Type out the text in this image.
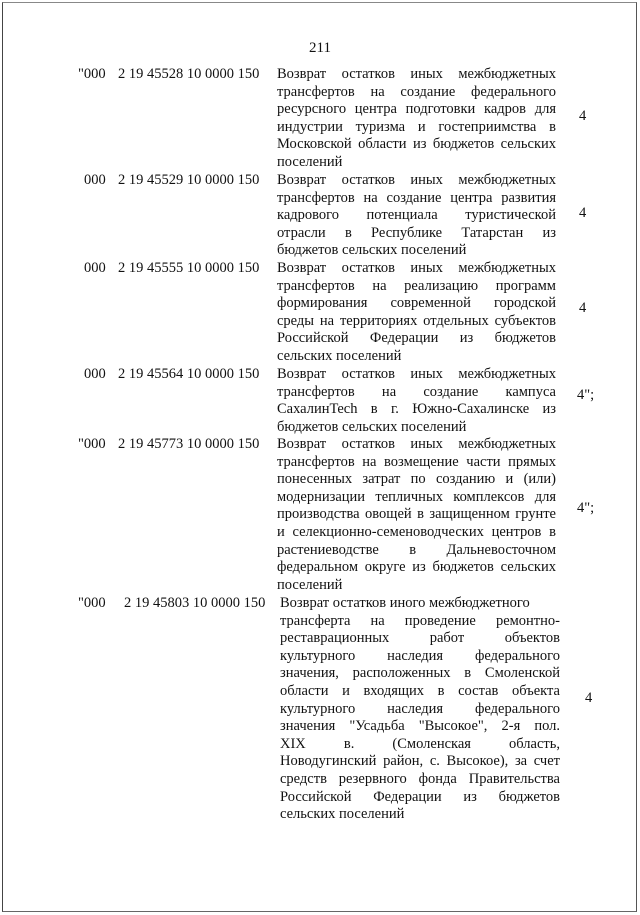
211
"000 2 19 45528 10 0000 150 Возврат остатков иных межбюджетных
трансфертов на создание федерального
ресурсного центра подготовки кадров для
индустрии туризма и гостеприимства в
Московской области из бюджетов сельских
поселений
4
000 2 19 45529 10 0000 150 Возврат остатков иных межбюджетных
трансфертов на создание центра развития
кадрового потенциала туристической
отрасли в Республике Татарстан из
бюджетов сельских поселений
4
000 2 19 45555 10 0000 150 Возврат остатков иных межбюджетных
трансфертов на реализацию программ
формирования современной городской
среды на территориях отдельных субъектов
Российской Федерации из бюджетов
сельских поселений
4
000 2 19 45564 10 0000 150 Возврат остатков иных межбюджетных
трансфертов на создание кампуса
СахалинTech в г. Южно-Сахалинске из
бюджетов сельских поселений
4";
"000 2 19 45773 10 0000 150 Возврат остатков иных межбюджетных
трансфертов на возмещение части прямых
понесенных затрат по созданию и (или)
модернизации тепличных комплексов для
производства овощей в защищенном грунте
и селекционно-семеноводческих центров в
растениеводстве в Дальневосточном
федеральном округе из бюджетов сельских
поселений
4";
"000 2 19 45803 10 0000 150 Возврат остатков иного межбюджетного
трансферта на проведение ремонтно-
реставрационных работ объектов
культурного наследия федерального
значения, расположенных в Смоленской
области и входящих в состав объекта
культурного наследия федерального
значения "Усадьба "Высокое", 2-я пол.
XIX в. (Смоленская область,
Новодугинский район, с. Высокое), за счет
средств резервного фонда Правительства
Российской Федерации из бюджетов
сельских поселений
4
